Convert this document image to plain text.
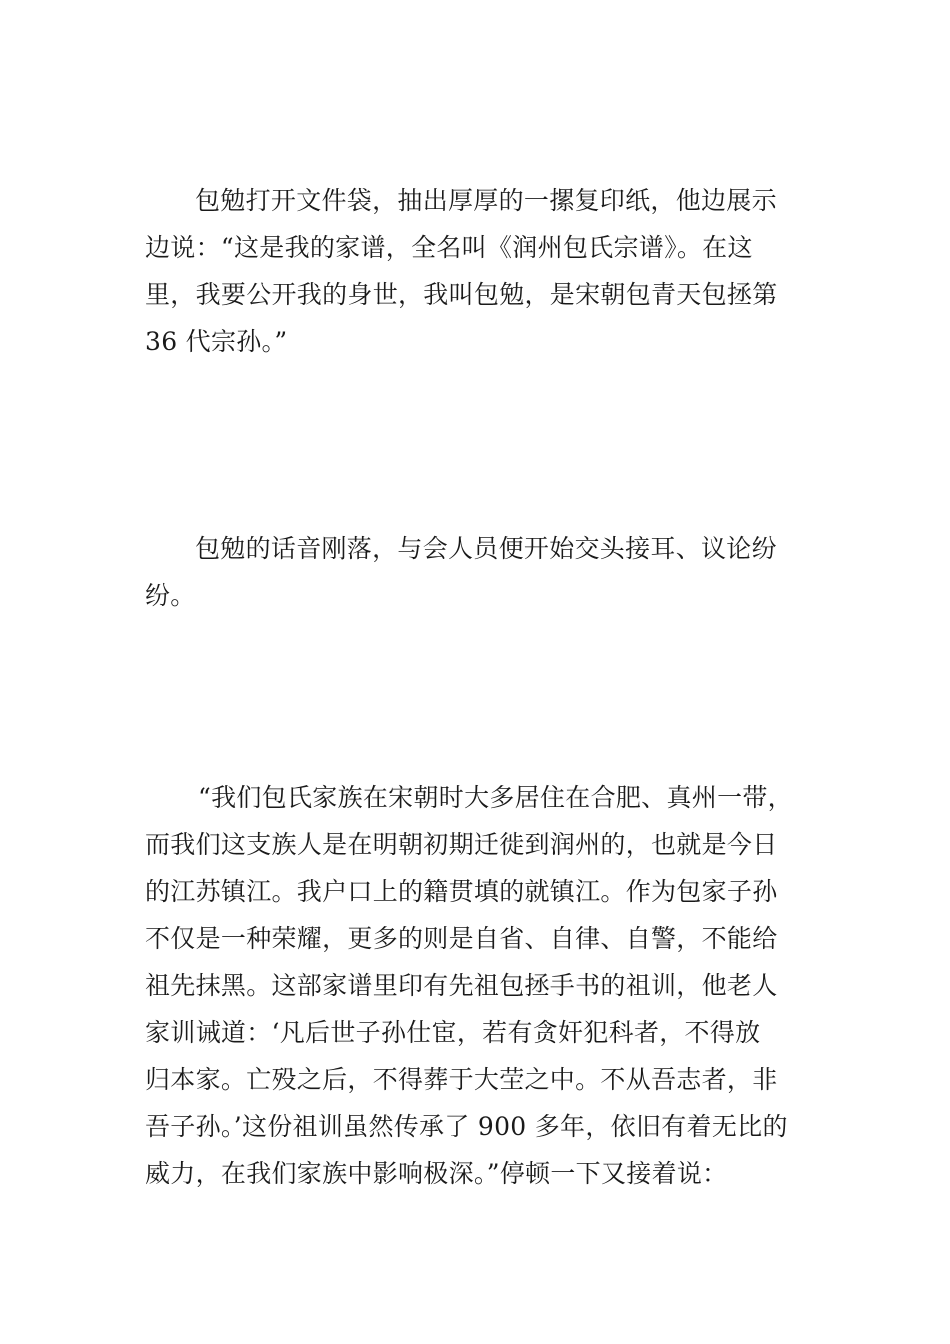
包勉打开文件袋，抽出厚厚的一摞复印纸，他边展示
边说：“这是我的家谱，全名叫《润州包氏宗谱》。在这
里，我要公开我的身世，我叫包勉，是宋朝包青天包拯第
36 代宗孙。”
包勉的话音刚落，与会人员便开始交头接耳、议论纷
纷。
“我们包氏家族在宋朝时大多居住在合肥、真州一带，
而我们这支族人是在明朝初期迁徙到润州的，也就是今日
的江苏镇江。我户口上的籍贯填的就镇江。作为包家子孙
不仅是一种荣耀，更多的则是自省、自律、自警，不能给
祖先抹黑。这部家谱里印有先祖包拯手书的祖训，他老人
家训诫道：‘凡后世子孙仕宦，若有贪奸犯科者，不得放
归本家。亡殁之后，不得葬于大茔之中。不从吾志者，非
吾子孙。’这份祖训虽然传承了 900 多年，依旧有着无比的
威力，在我们家族中影响极深。”停顿一下又接着说：
